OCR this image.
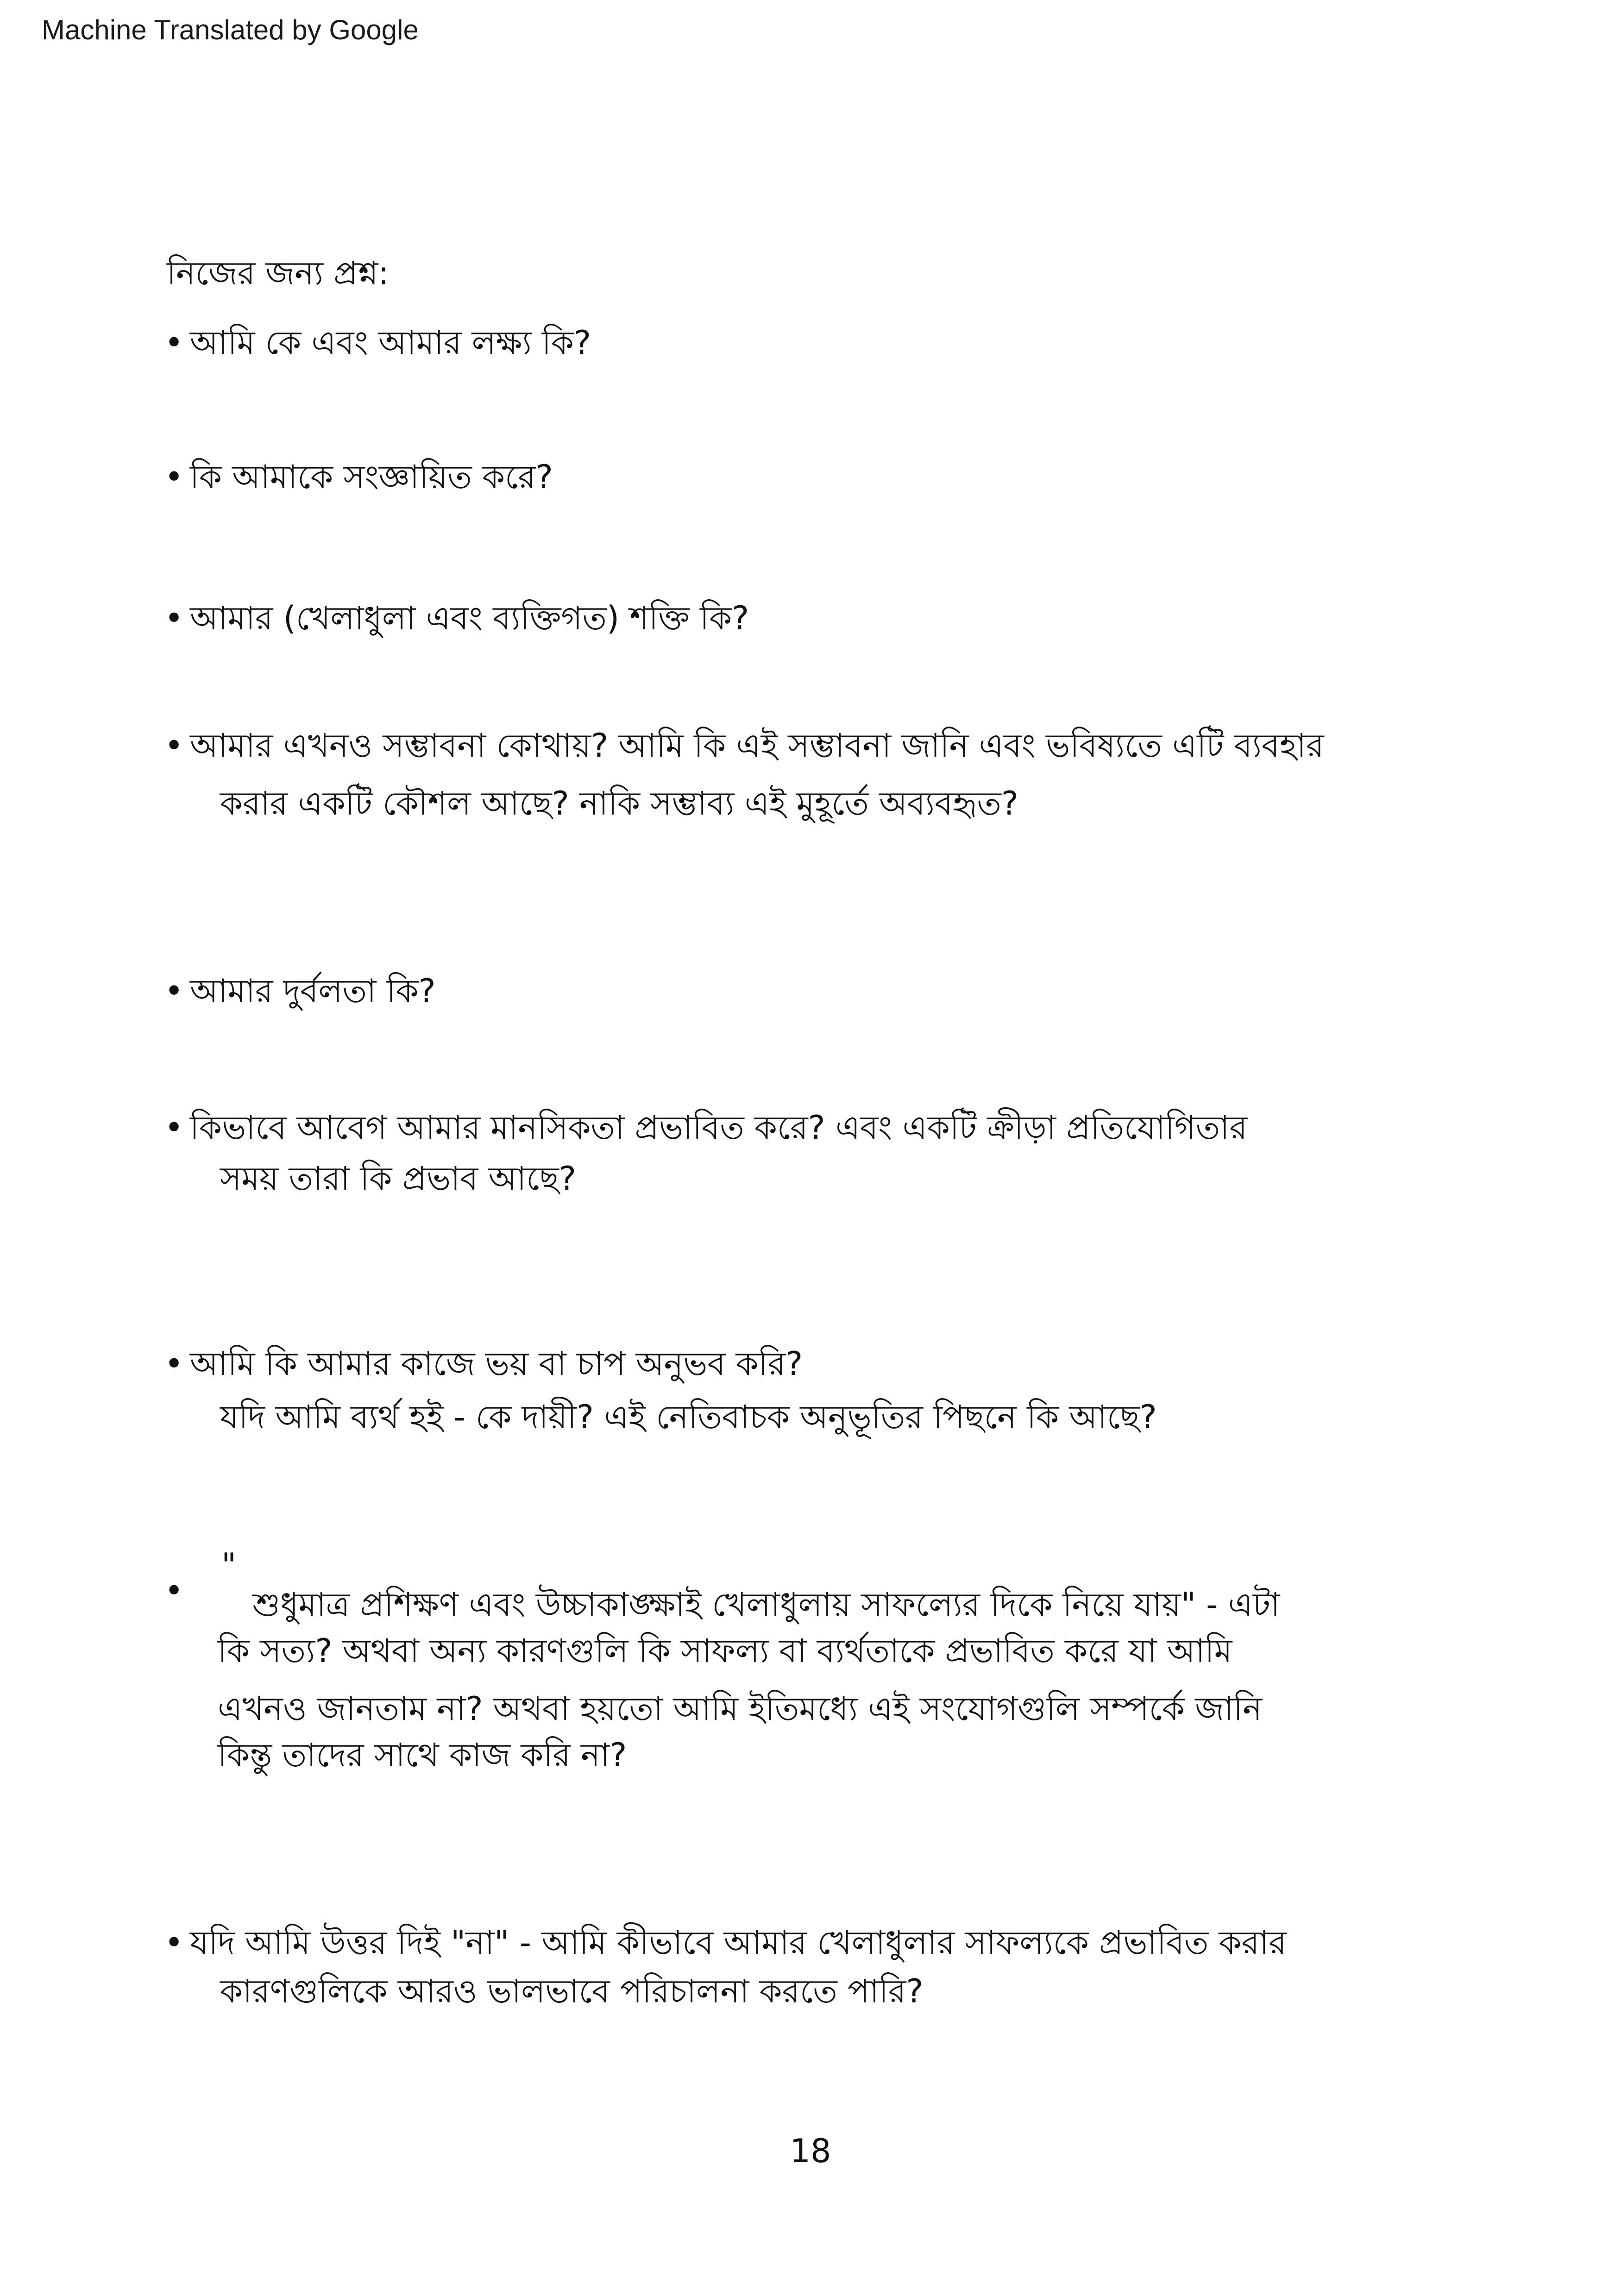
Machine Translated by Google
নিজের জন্য প্রশ্ন:
• আমি কে এবং আমার লক্ষ্য কি?
• কি আমাকে সংজ্ঞায়িত করে?
• আমার (খেলাধুলা এবং ব্যক্তিগত) শক্তি কি?
• আমার এখনও সম্ভাবনা কোথায়? আমি কি এই সম্ভাবনা জানি এবং ভবিষ্যতে এটি ব্যবহার
করার একটি কৌশল আছে? নাকি সম্ভাব্য এই মুহূর্তে অব্যবহৃত?
• আমার দুর্বলতা কি?
• কিভাবে আবেগ আমার মানসিকতা প্রভাবিত করে? এবং একটি ক্রীড়া প্রতিযোগিতার
সময় তারা কি প্রভাব আছে?
• আমি কি আমার কাজে ভয় বা চাপ অনুভব করি?
যদি আমি ব্যর্থ হই - কে দায়ী? এই নেতিবাচক অনুভূতির পিছনে কি আছে?
"
• শুধুমাত্র প্রশিক্ষণ এবং উচ্চাকাঙ্ক্ষাই খেলাধুলায় সাফল্যের দিকে নিয়ে যায়" - এটা
কি সত্য? অথবা অন্য কারণগুলি কি সাফল্য বা ব্যর্থতাকে প্রভাবিত করে যা আমি
এখনও জানতাম না? অথবা হয়তো আমি ইতিমধ্যে এই সংযোগগুলি সম্পর্কে জানি
কিন্তু তাদের সাথে কাজ করি না?
• যদি আমি উত্তর দিই "না" - আমি কীভাবে আমার খেলাধুলার সাফল্যকে প্রভাবিত করার
কারণগুলিকে আরও ভালভাবে পরিচালনা করতে পারি?
18
